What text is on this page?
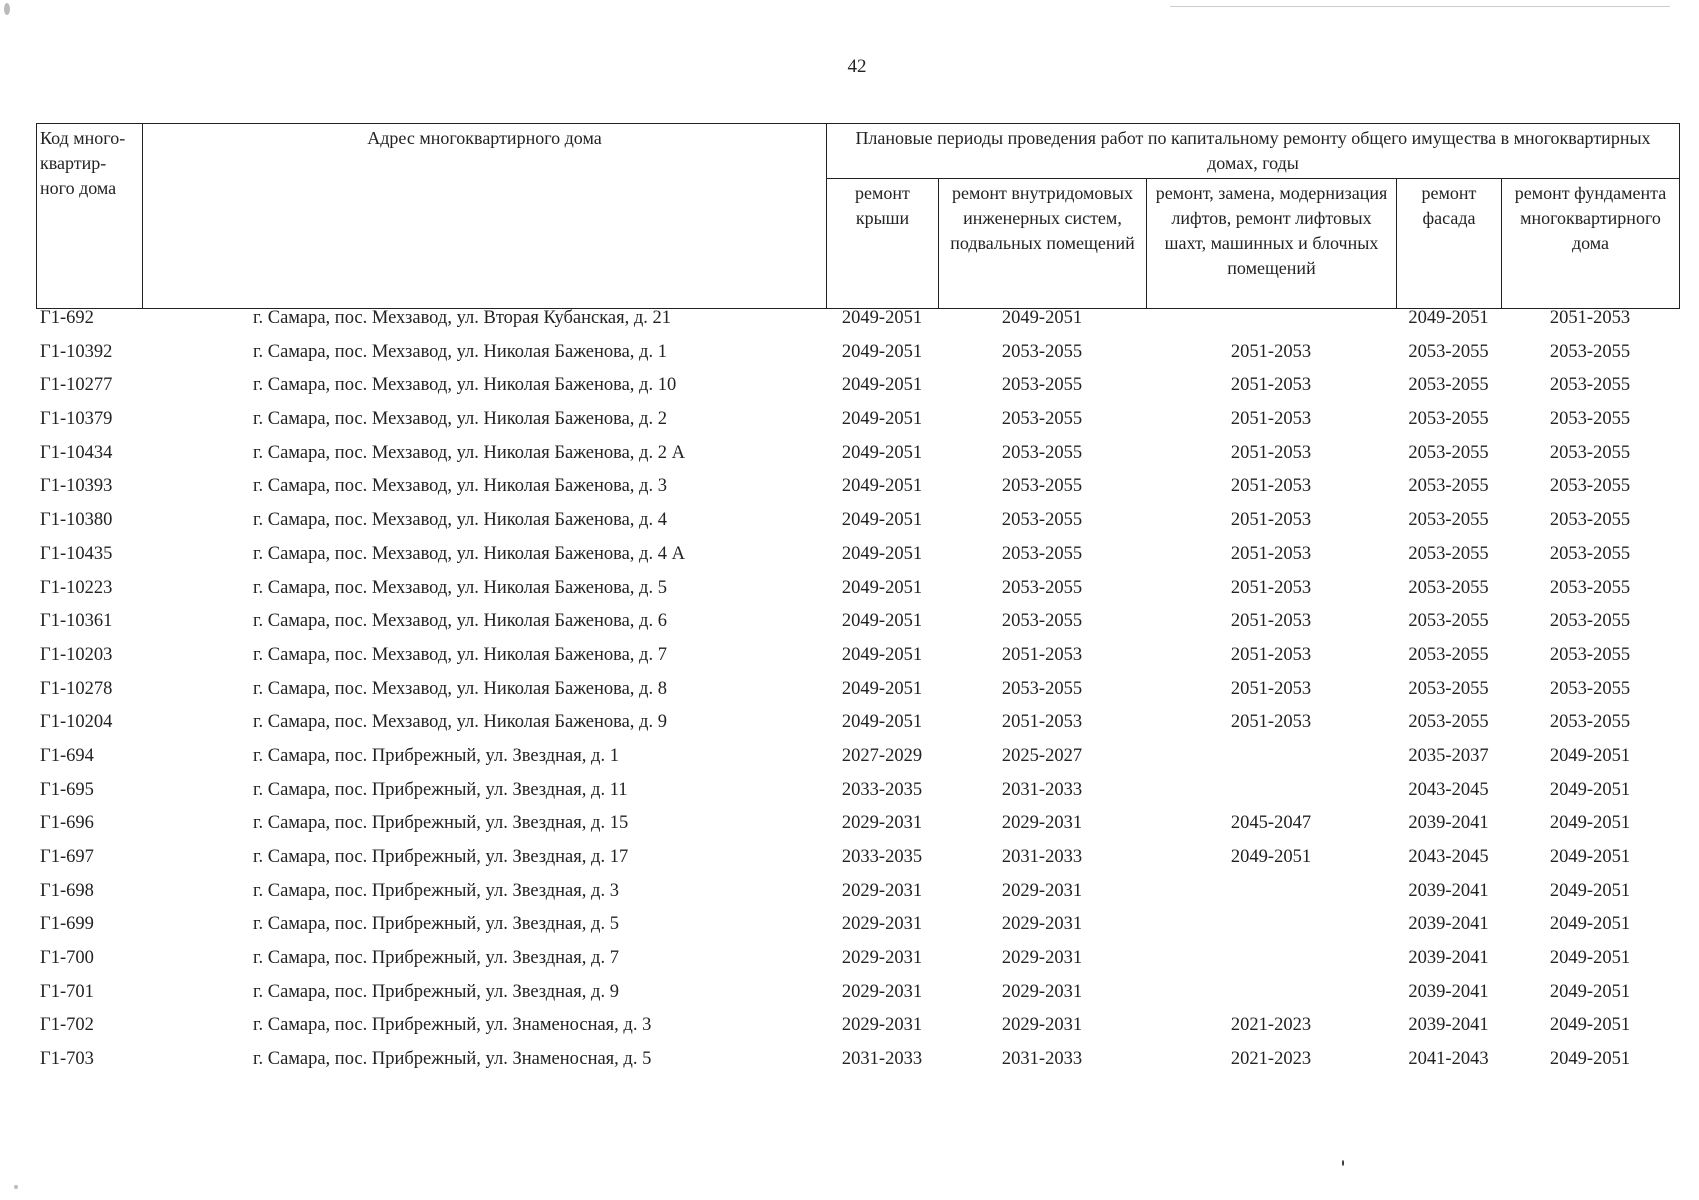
42
Код много-квартир-ного дома	Адрес многоквартирного дома	Плановые периоды проведения работ по капитальному ремонту общего имущества в многоквартирных домах, годы				
		ремонт крыши	ремонт внутридомовых инженерных систем, подвальных помещений	ремонт, замена, модернизация лифтов, ремонт лифтовых шахт, машинных и блочных помещений	ремонт фасада	ремонт фундамента многоквартирного дома
Г1-692	г. Самара, пос. Мехзавод, ул. Вторая Кубанская, д. 21	2049-2051	2049-2051		2049-2051	2051-2053
Г1-10392	г. Самара, пос. Мехзавод, ул. Николая Баженова, д. 1	2049-2051	2053-2055	2051-2053	2053-2055	2053-2055
Г1-10277	г. Самара, пос. Мехзавод, ул. Николая Баженова, д. 10	2049-2051	2053-2055	2051-2053	2053-2055	2053-2055
Г1-10379	г. Самара, пос. Мехзавод, ул. Николая Баженова, д. 2	2049-2051	2053-2055	2051-2053	2053-2055	2053-2055
Г1-10434	г. Самара, пос. Мехзавод, ул. Николая Баженова, д. 2 А	2049-2051	2053-2055	2051-2053	2053-2055	2053-2055
Г1-10393	г. Самара, пос. Мехзавод, ул. Николая Баженова, д. 3	2049-2051	2053-2055	2051-2053	2053-2055	2053-2055
Г1-10380	г. Самара, пос. Мехзавод, ул. Николая Баженова, д. 4	2049-2051	2053-2055	2051-2053	2053-2055	2053-2055
Г1-10435	г. Самара, пос. Мехзавод, ул. Николая Баженова, д. 4 А	2049-2051	2053-2055	2051-2053	2053-2055	2053-2055
Г1-10223	г. Самара, пос. Мехзавод, ул. Николая Баженова, д. 5	2049-2051	2053-2055	2051-2053	2053-2055	2053-2055
Г1-10361	г. Самара, пос. Мехзавод, ул. Николая Баженова, д. 6	2049-2051	2053-2055	2051-2053	2053-2055	2053-2055
Г1-10203	г. Самара, пос. Мехзавод, ул. Николая Баженова, д. 7	2049-2051	2051-2053	2051-2053	2053-2055	2053-2055
Г1-10278	г. Самара, пос. Мехзавод, ул. Николая Баженова, д. 8	2049-2051	2053-2055	2051-2053	2053-2055	2053-2055
Г1-10204	г. Самара, пос. Мехзавод, ул. Николая Баженова, д. 9	2049-2051	2051-2053	2051-2053	2053-2055	2053-2055
Г1-694	г. Самара, пос. Прибрежный, ул. Звездная, д. 1	2027-2029	2025-2027		2035-2037	2049-2051
Г1-695	г. Самара, пос. Прибрежный, ул. Звездная, д. 11	2033-2035	2031-2033		2043-2045	2049-2051
Г1-696	г. Самара, пос. Прибрежный, ул. Звездная, д. 15	2029-2031	2029-2031	2045-2047	2039-2041	2049-2051
Г1-697	г. Самара, пос. Прибрежный, ул. Звездная, д. 17	2033-2035	2031-2033	2049-2051	2043-2045	2049-2051
Г1-698	г. Самара, пос. Прибрежный, ул. Звездная, д. 3	2029-2031	2029-2031		2039-2041	2049-2051
Г1-699	г. Самара, пос. Прибрежный, ул. Звездная, д. 5	2029-2031	2029-2031		2039-2041	2049-2051
Г1-700	г. Самара, пос. Прибрежный, ул. Звездная, д. 7	2029-2031	2029-2031		2039-2041	2049-2051
Г1-701	г. Самара, пос. Прибрежный, ул. Звездная, д. 9	2029-2031	2029-2031		2039-2041	2049-2051
Г1-702	г. Самара, пос. Прибрежный, ул. Знаменосная, д. 3	2029-2031	2029-2031	2021-2023	2039-2041	2049-2051
Г1-703	г. Самара, пос. Прибрежный, ул. Знаменосная, д. 5	2031-2033	2031-2033	2021-2023	2041-2043	2049-2051
